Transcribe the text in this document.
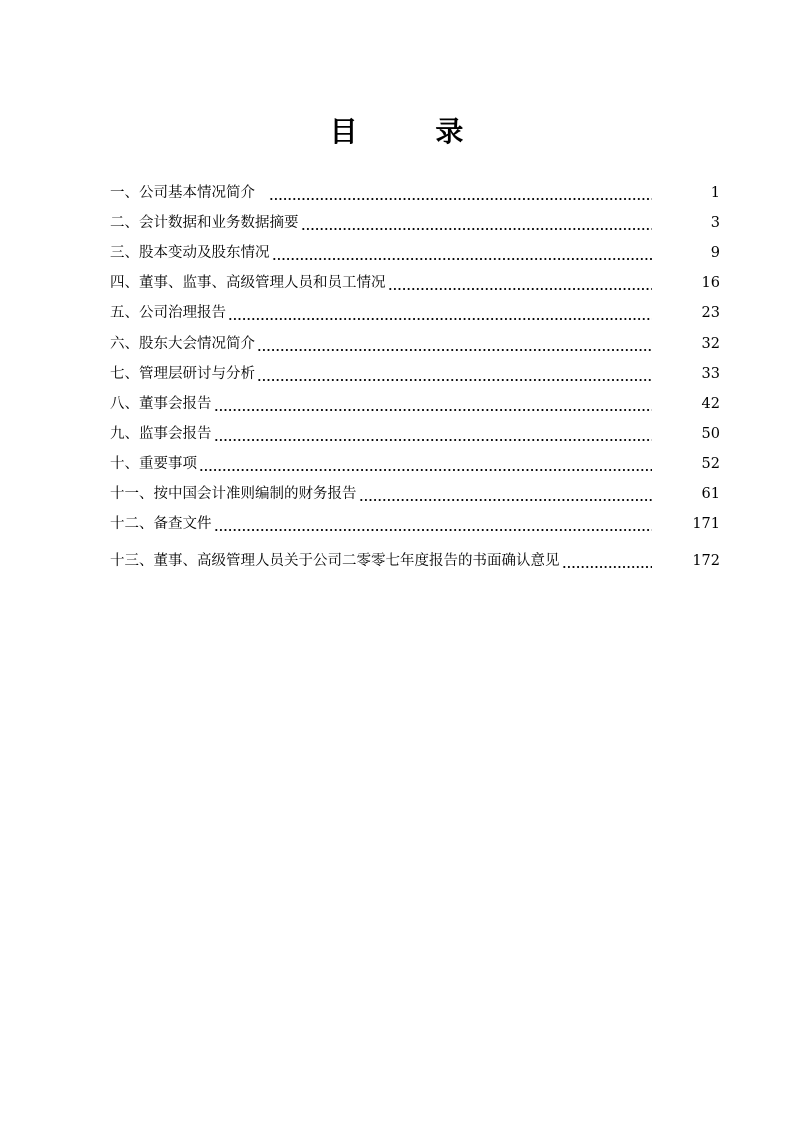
目 录
一、公司基本情况简介	1
二、会计数据和业务数据摘要	3
三、股本变动及股东情况	9
四、董事、监事、高级管理人员和员工情况	16
五、公司治理报告	23
六、股东大会情况简介	32
七、管理层研讨与分析	33
八、董事会报告	42
九、监事会报告	50
十、重要事项	52
十一、按中国会计准则编制的财务报告	61
十二、备查文件	171
十三、董事、高级管理人员关于公司二零零七年度报告的书面确认意见	172
